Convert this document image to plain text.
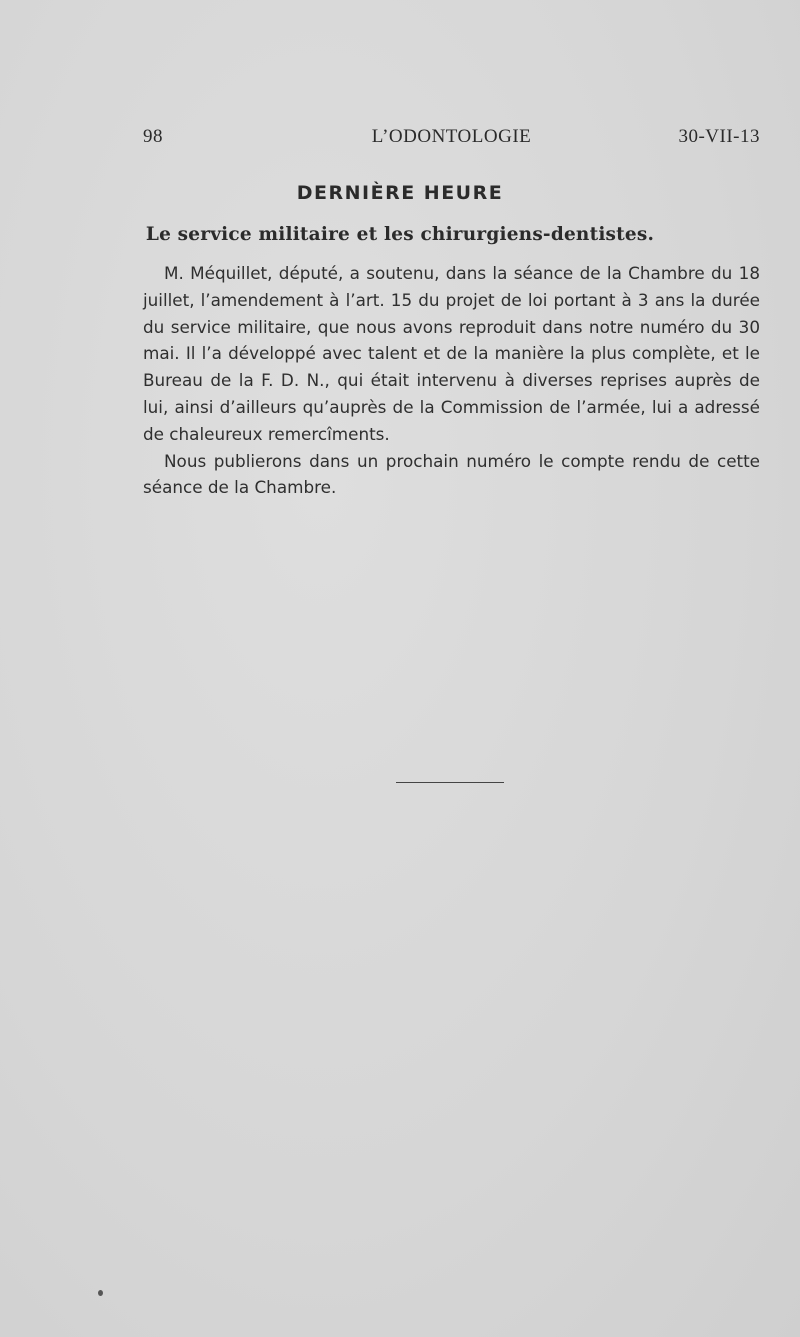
98	L’ODONTOLOGIE	30-VII-13
DERNIÈRE HEURE
Le service militaire et les chirurgiens-dentistes.

M. Méquillet, député, a soutenu, dans la séance de la Chambre du 18 juillet, l’amendement à l’art. 15 du projet de loi portant à 3 ans la durée du service militaire, que nous avons reproduit dans notre numéro du 30 mai. Il l’a développé avec talent et de la manière la plus complète, et le Bureau de la F. D. N., qui était intervenu à diverses reprises auprès de lui, ainsi d’ailleurs qu’auprès de la Commission de l’armée, lui a adressé de chaleureux remercîments.

Nous publierons dans un prochain numéro le compte rendu de cette séance de la Chambre.
